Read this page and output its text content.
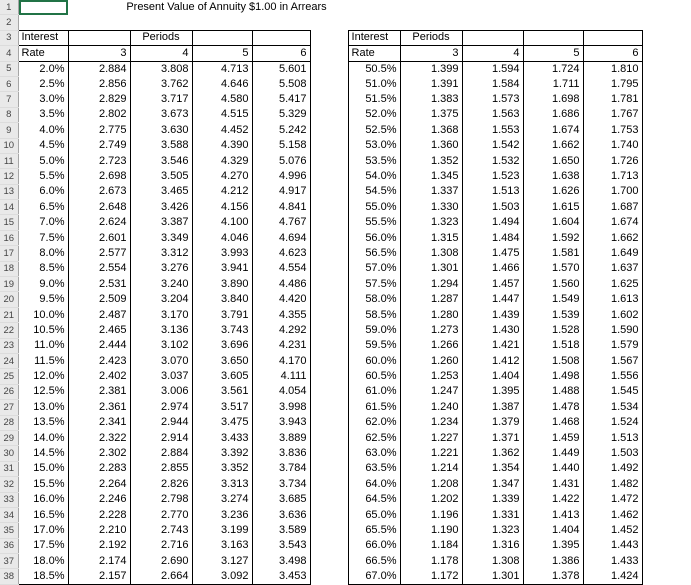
1		Present Value of Annuity $1.00 in Arrears										
2												
3	Interest		Periods				Interest	Periods				
4	Rate	3	4	5	6		Rate	3	4	5	6	
5	2.0%	2.884	3.808	4.713	5.601		50.5%	1.399	1.594	1.724	1.810	
6	2.5%	2.856	3.762	4.646	5.508		51.0%	1.391	1.584	1.711	1.795	
7	3.0%	2.829	3.717	4.580	5.417		51.5%	1.383	1.573	1.698	1.781	
8	3.5%	2.802	3.673	4.515	5.329		52.0%	1.375	1.563	1.686	1.767	
9	4.0%	2.775	3.630	4.452	5.242		52.5%	1.368	1.553	1.674	1.753	
10	4.5%	2.749	3.588	4.390	5.158		53.0%	1.360	1.542	1.662	1.740	
11	5.0%	2.723	3.546	4.329	5.076		53.5%	1.352	1.532	1.650	1.726	
12	5.5%	2.698	3.505	4.270	4.996		54.0%	1.345	1.523	1.638	1.713	
13	6.0%	2.673	3.465	4.212	4.917		54.5%	1.337	1.513	1.626	1.700	
14	6.5%	2.648	3.426	4.156	4.841		55.0%	1.330	1.503	1.615	1.687	
15	7.0%	2.624	3.387	4.100	4.767		55.5%	1.323	1.494	1.604	1.674	
16	7.5%	2.601	3.349	4.046	4.694		56.0%	1.315	1.484	1.592	1.662	
17	8.0%	2.577	3.312	3.993	4.623		56.5%	1.308	1.475	1.581	1.649	
18	8.5%	2.554	3.276	3.941	4.554		57.0%	1.301	1.466	1.570	1.637	
19	9.0%	2.531	3.240	3.890	4.486		57.5%	1.294	1.457	1.560	1.625	
20	9.5%	2.509	3.204	3.840	4.420		58.0%	1.287	1.447	1.549	1.613	
21	10.0%	2.487	3.170	3.791	4.355		58.5%	1.280	1.439	1.539	1.602	
22	10.5%	2.465	3.136	3.743	4.292		59.0%	1.273	1.430	1.528	1.590	
23	11.0%	2.444	3.102	3.696	4.231		59.5%	1.266	1.421	1.518	1.579	
24	11.5%	2.423	3.070	3.650	4.170		60.0%	1.260	1.412	1.508	1.567	
25	12.0%	2.402	3.037	3.605	4.111		60.5%	1.253	1.404	1.498	1.556	
26	12.5%	2.381	3.006	3.561	4.054		61.0%	1.247	1.395	1.488	1.545	
27	13.0%	2.361	2.974	3.517	3.998		61.5%	1.240	1.387	1.478	1.534	
28	13.5%	2.341	2.944	3.475	3.943		62.0%	1.234	1.379	1.468	1.524	
29	14.0%	2.322	2.914	3.433	3.889		62.5%	1.227	1.371	1.459	1.513	
30	14.5%	2.302	2.884	3.392	3.836		63.0%	1.221	1.362	1.449	1.503	
31	15.0%	2.283	2.855	3.352	3.784		63.5%	1.214	1.354	1.440	1.492	
32	15.5%	2.264	2.826	3.313	3.734		64.0%	1.208	1.347	1.431	1.482	
33	16.0%	2.246	2.798	3.274	3.685		64.5%	1.202	1.339	1.422	1.472	
34	16.5%	2.228	2.770	3.236	3.636		65.0%	1.196	1.331	1.413	1.462	
35	17.0%	2.210	2.743	3.199	3.589		65.5%	1.190	1.323	1.404	1.452	
36	17.5%	2.192	2.716	3.163	3.543		66.0%	1.184	1.316	1.395	1.443	
37	18.0%	2.174	2.690	3.127	3.498		66.5%	1.178	1.308	1.386	1.433	
38	18.5%	2.157	2.664	3.092	3.453		67.0%	1.172	1.301	1.378	1.424	
